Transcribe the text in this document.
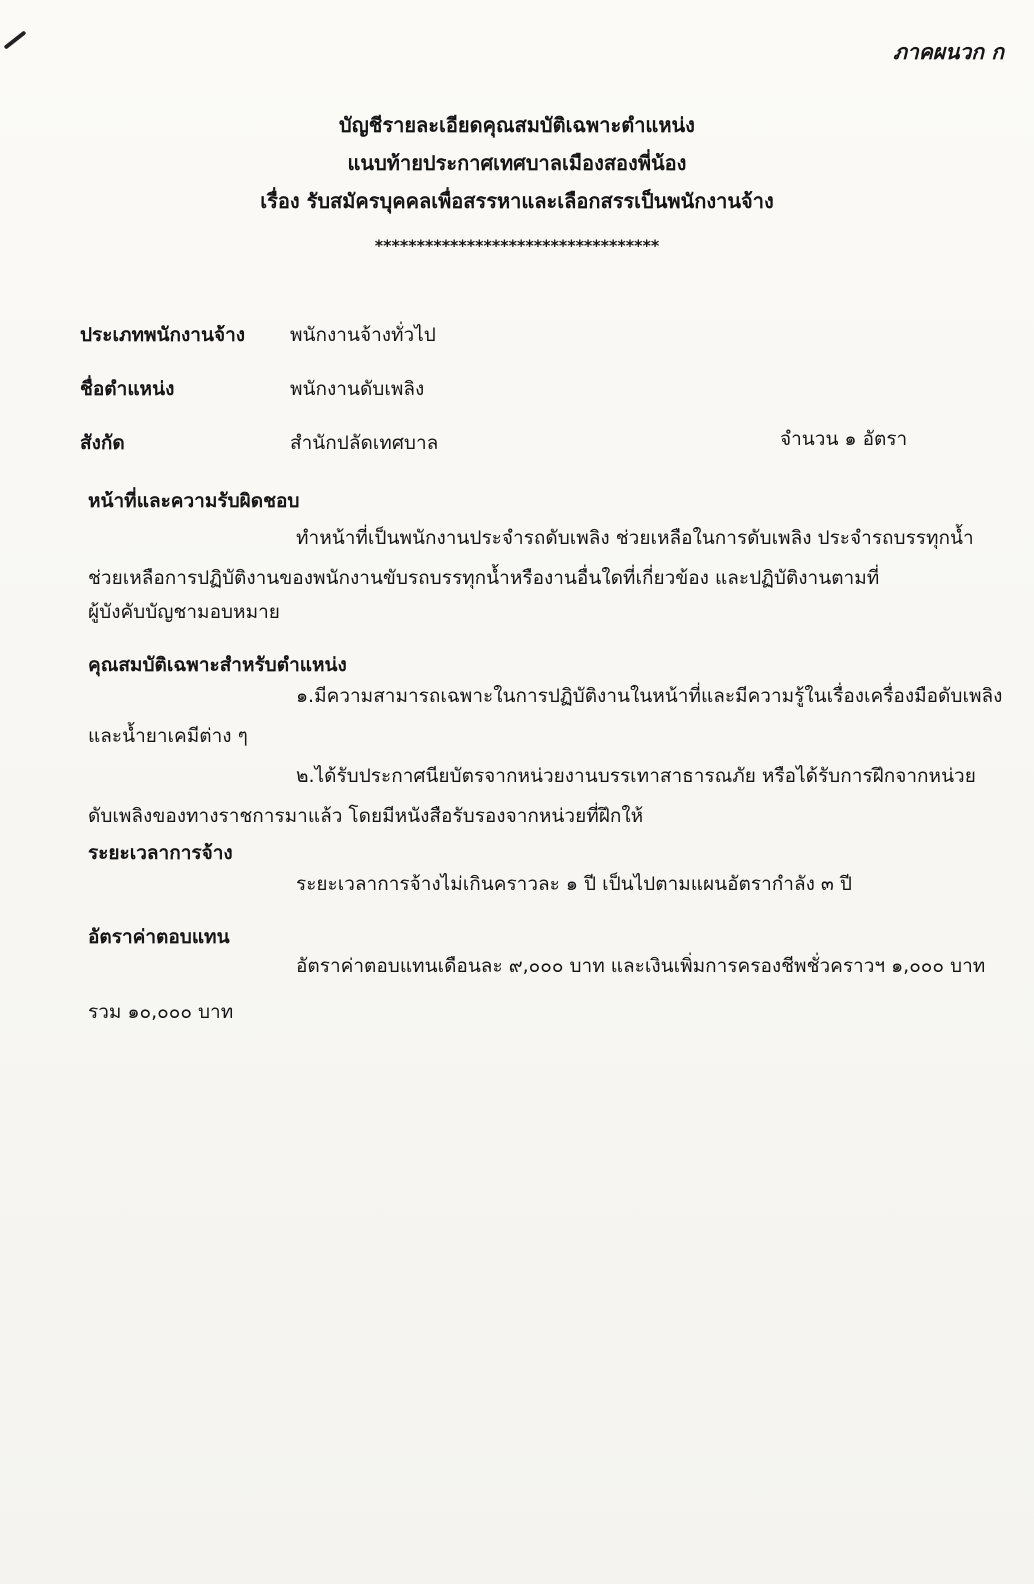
ภาคผนวก ก
บัญชีรายละเอียดคุณสมบัติเฉพาะตำแหน่ง
แนบท้ายประกาศเทศบาลเมืองสองพี่น้อง
เรื่อง รับสมัครบุคคลเพื่อสรรหาและเลือกสรรเป็นพนักงานจ้าง
**********************************
ประเภทพนักงานจ้าง พนักงานจ้างทั่วไป
ชื่อตำแหน่ง	พนักงานดับเพลิง
สังกัด	สำนักปลัดเทศบาล	จำนวน ๑ อัตรา
หน้าที่และความรับผิดชอบ
ทำหน้าที่เป็นพนักงานประจำรถดับเพลิง ช่วยเหลือในการดับเพลิง ประจำรถบรรทุกน้ำ
ช่วยเหลือการปฏิบัติงานของพนักงานขับรถบรรทุกน้ำหรืองานอื่นใดที่เกี่ยวข้อง และปฏิบัติงานตามที่
ผู้บังคับบัญชามอบหมาย
คุณสมบัติเฉพาะสำหรับตำแหน่ง
๑.มีความสามารถเฉพาะในการปฏิบัติงานในหน้าที่และมีความรู้ในเรื่องเครื่องมือดับเพลิง
และน้ำยาเคมีต่าง ๆ
๒.ได้รับประกาศนียบัตรจากหน่วยงานบรรเทาสาธารณภัย หรือได้รับการฝึกจากหน่วย
ดับเพลิงของทางราชการมาแล้ว โดยมีหนังสือรับรองจากหน่วยที่ฝึกให้
ระยะเวลาการจ้าง
ระยะเวลาการจ้างไม่เกินคราวละ ๑ ปี เป็นไปตามแผนอัตรากำลัง ๓ ปี
อัตราค่าตอบแทน
อัตราค่าตอบแทนเดือนละ ๙,๐๐๐ บาท และเงินเพิ่มการครองชีพชั่วคราวฯ ๑,๐๐๐ บาท
รวม ๑๐,๐๐๐ บาท
